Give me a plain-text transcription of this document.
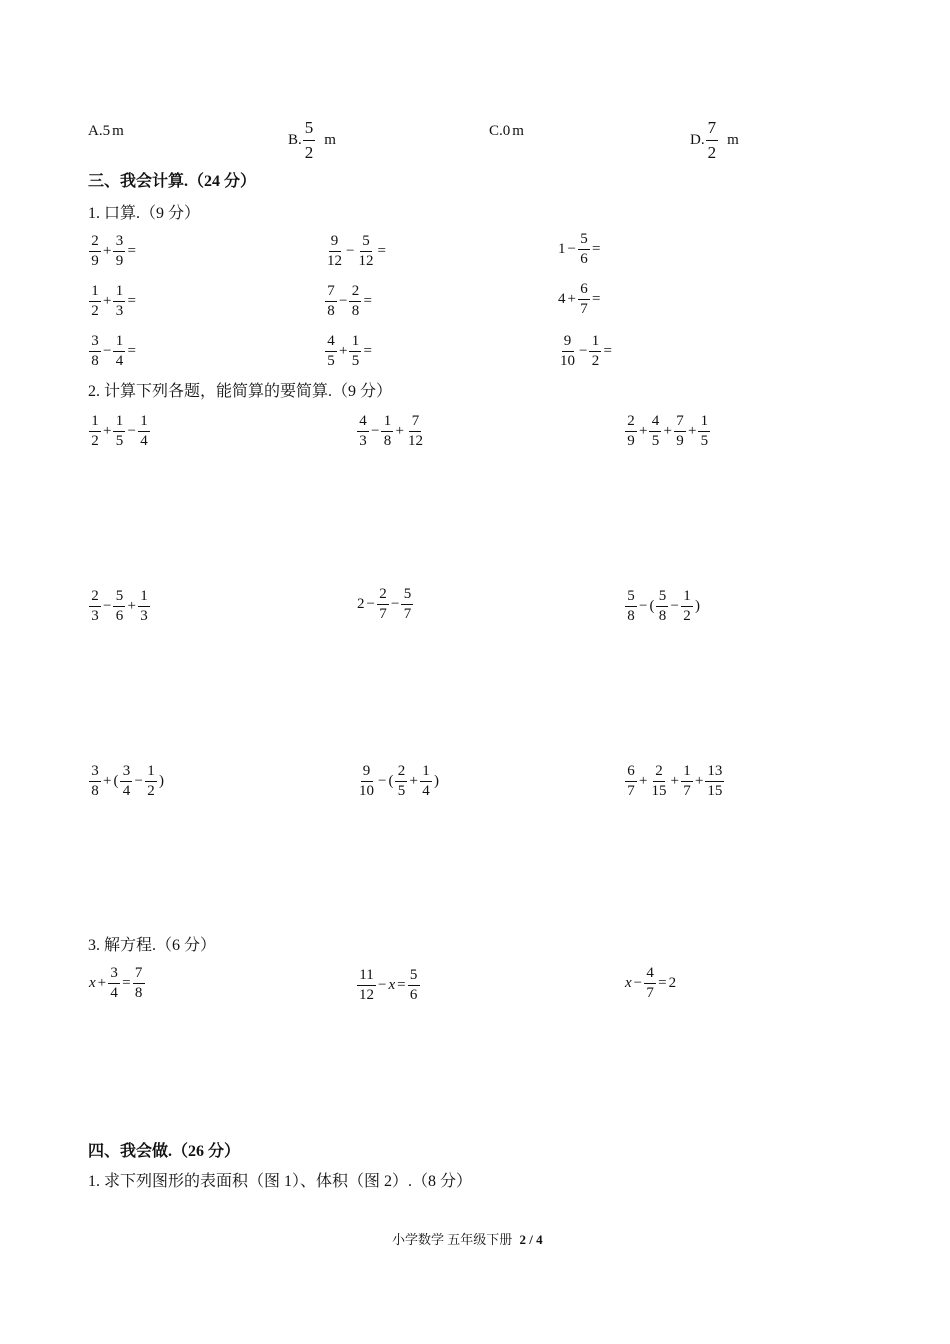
A.5 m
B. $\frac{5}{2}$ m
C.0 m
D. $\frac{7}{2}$ m
三、我会计算.（24 分）
1. 口算.（9 分）
$\frac{2}{9} + \frac{3}{9}$ =	$\frac{9}{12} - \frac{5}{12}$ =	$1 - \frac{5}{6}$ =
$\frac{1}{2} + \frac{1}{3}$ =	$\frac{7}{8} - \frac{2}{8}$ =	$4 + \frac{6}{7}$ =
$\frac{3}{8} - \frac{1}{4}$ =	$\frac{4}{5} + \frac{1}{5}$ =	$\frac{9}{10} - \frac{1}{2}$ =
2. 计算下列各题，能简算的要简算.（9 分）
$\frac{1}{2} + \frac{1}{5} - \frac{1}{4}$	$\frac{4}{3} - \frac{1}{8} + \frac{7}{12}$	$\frac{2}{9} + \frac{4}{5} + \frac{7}{9} + \frac{1}{5}$
$\frac{2}{3} - \frac{5}{6} + \frac{1}{3}$	$2 - \frac{2}{7} - \frac{5}{7}$	$\frac{5}{8}$ − ( $\frac{5}{8} - \frac{1}{2}$ )
$\frac{3}{8}$ + ( $\frac{3}{4} - \frac{1}{2}$ )	$\frac{9}{10}$ − ( $\frac{2}{5} + \frac{1}{4}$ )	$\frac{6}{7} + \frac{2}{15} + \frac{1}{7} + \frac{13}{15}$
3. 解方程.（6 分）
$x + \frac{3}{4} = \frac{7}{8}$	$\frac{11}{12} - x = \frac{5}{6}$	$x - \frac{4}{7} = 2$
四、我会做.（26 分）
1. 求下列图形的表面积（图 1）、体积（图 2）.（8 分）
小学数学 五年级下册 2 / 4
